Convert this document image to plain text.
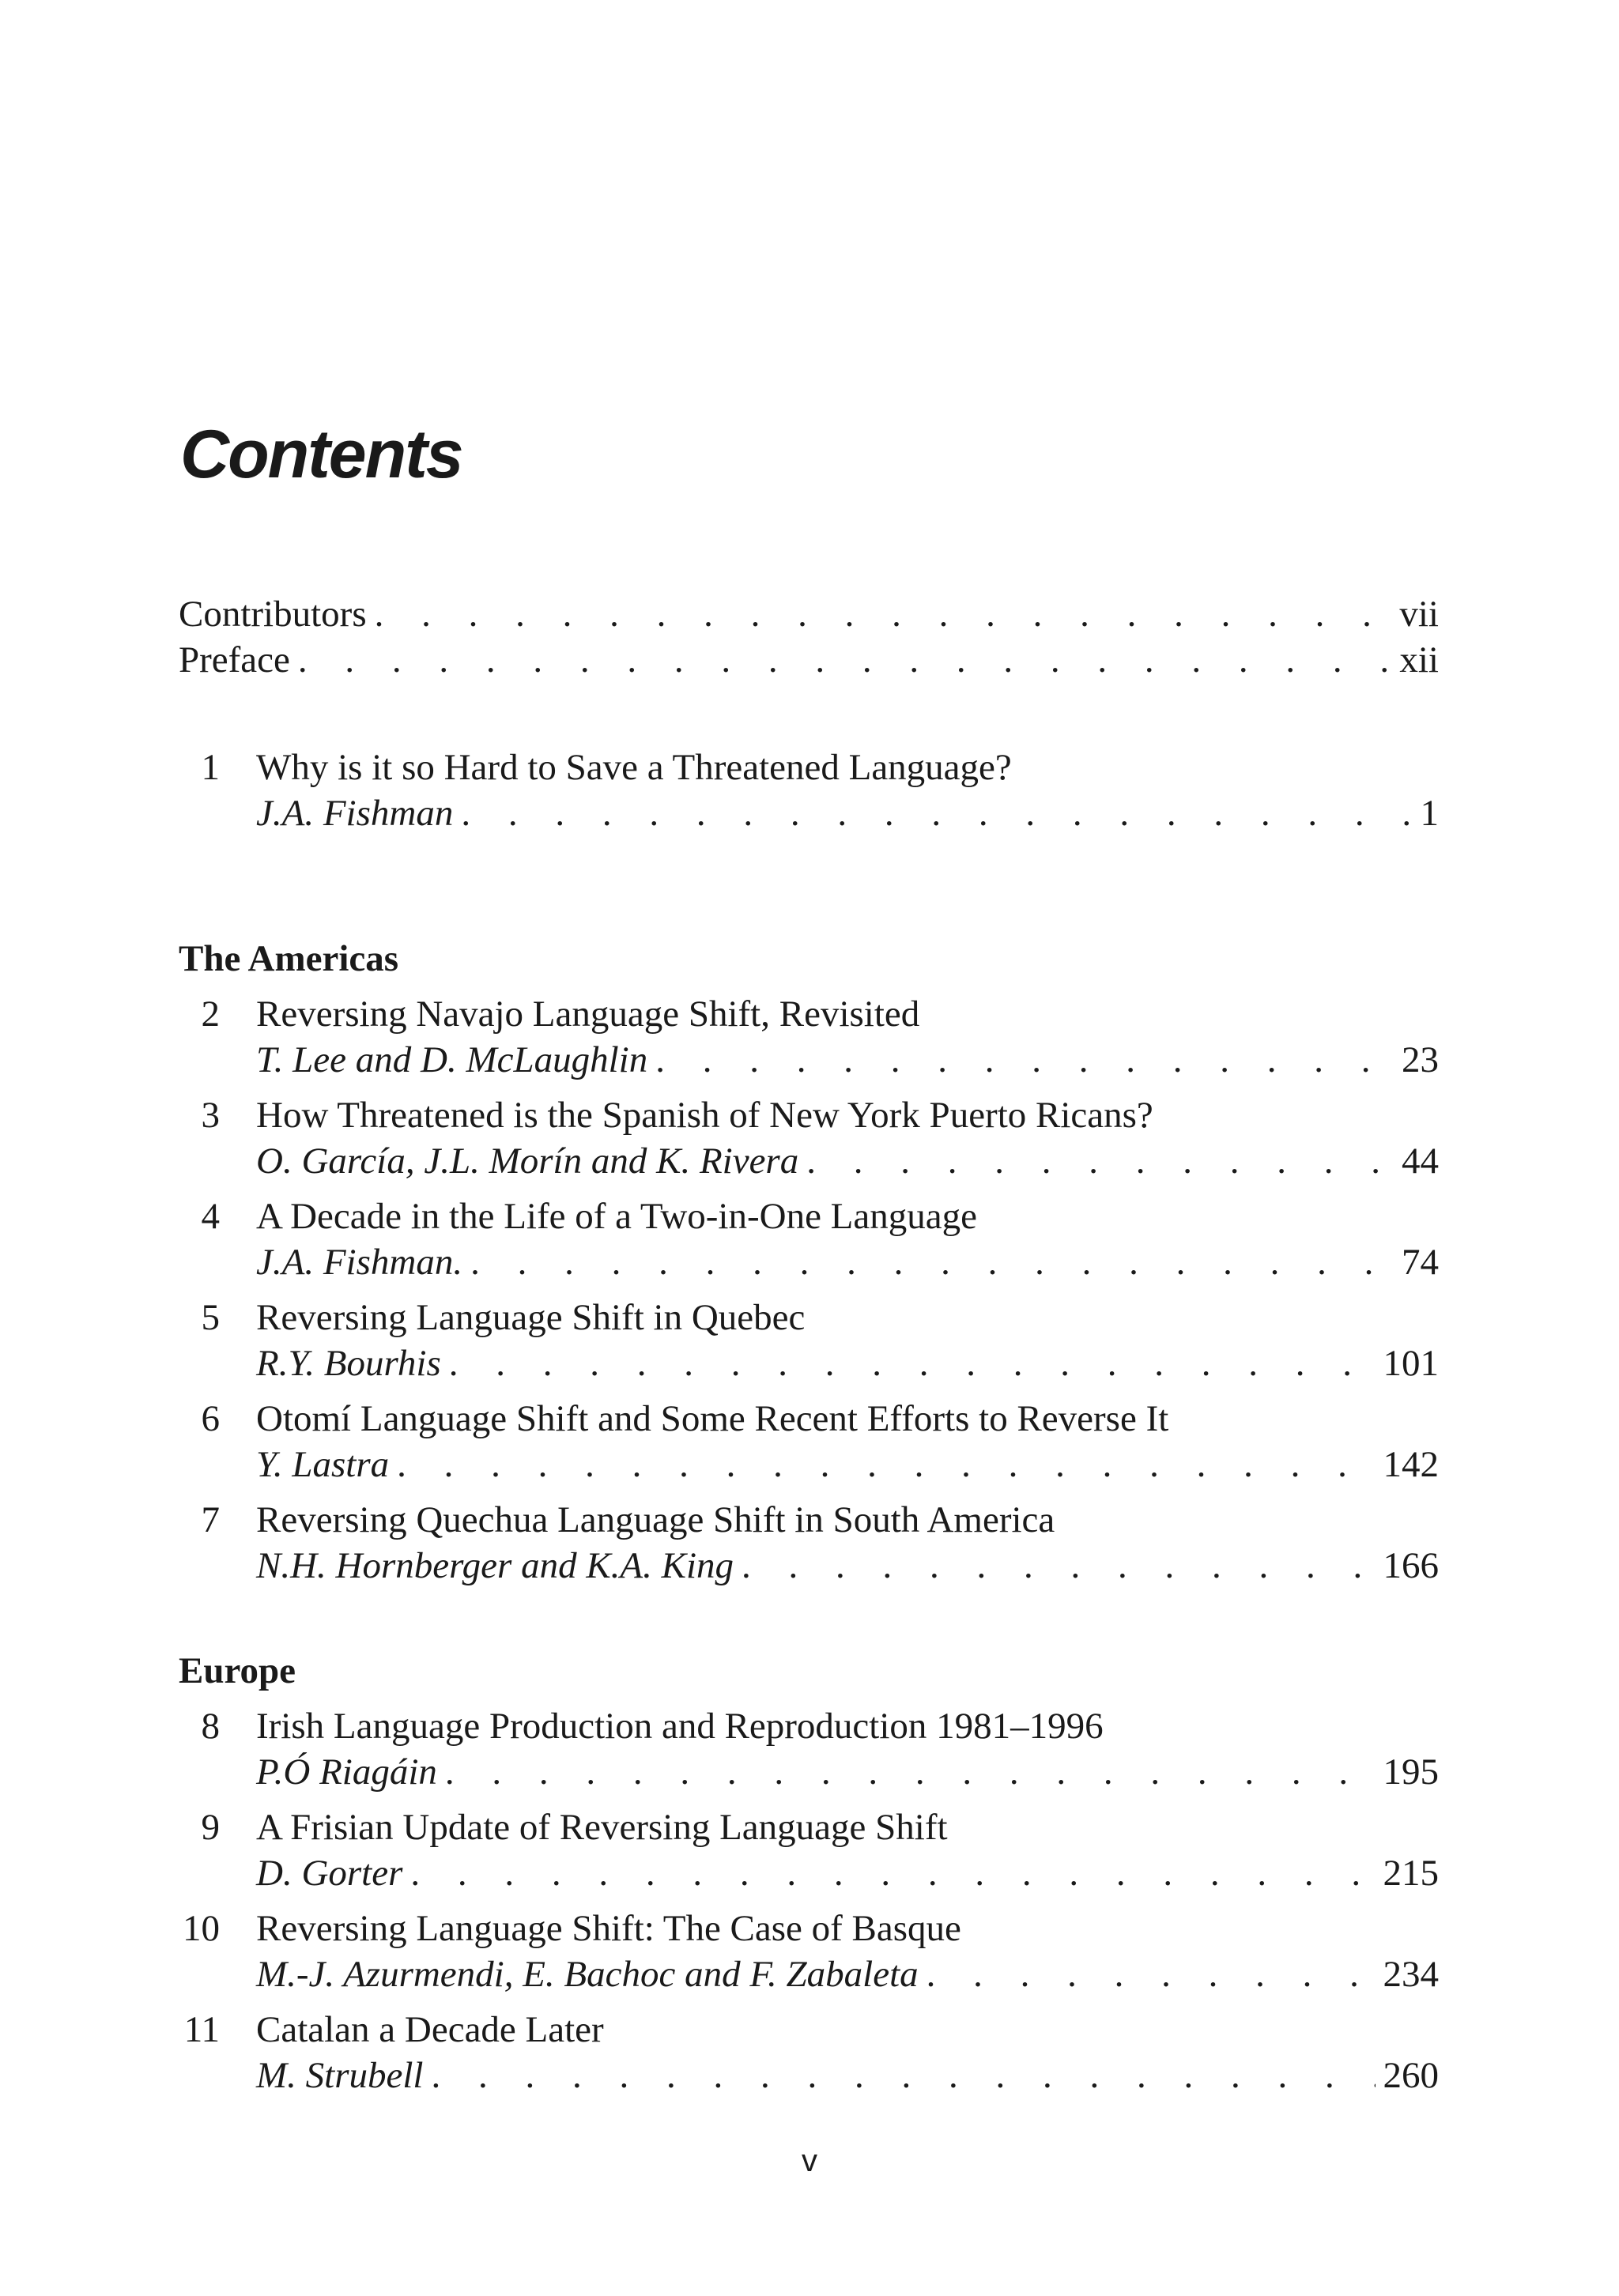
Contents
Contributors . . .	vii
Preface . . .	xii
1 Why is it so Hard to Save a Threatened Language?
J.A. Fishman . . .	1
The Americas
2 Reversing Navajo Language Shift, Revisited
T. Lee and D. McLaughlin . . .	23
3 How Threatened is the Spanish of New York Puerto Ricans?
O. García, J.L. Morín and K. Rivera . . .	44
4 A Decade in the Life of a Two-in-One Language
J.A. Fishman. . . .	74
5 Reversing Language Shift in Quebec
R.Y. Bourhis . . .	101
6 Otomí Language Shift and Some Recent Efforts to Reverse It
Y. Lastra . . .	142
7 Reversing Quechua Language Shift in South America
N.H. Hornberger and K.A. King . . .	166
Europe
8 Irish Language Production and Reproduction 1981–1996
P.Ó Riagáin . . .	195
9 A Frisian Update of Reversing Language Shift
D. Gorter . . .	215
10 Reversing Language Shift: The Case of Basque
M.-J. Azurmendi, E. Bachoc and F. Zabaleta . . .	234
11 Catalan a Decade Later
M. Strubell . . .	260
v
